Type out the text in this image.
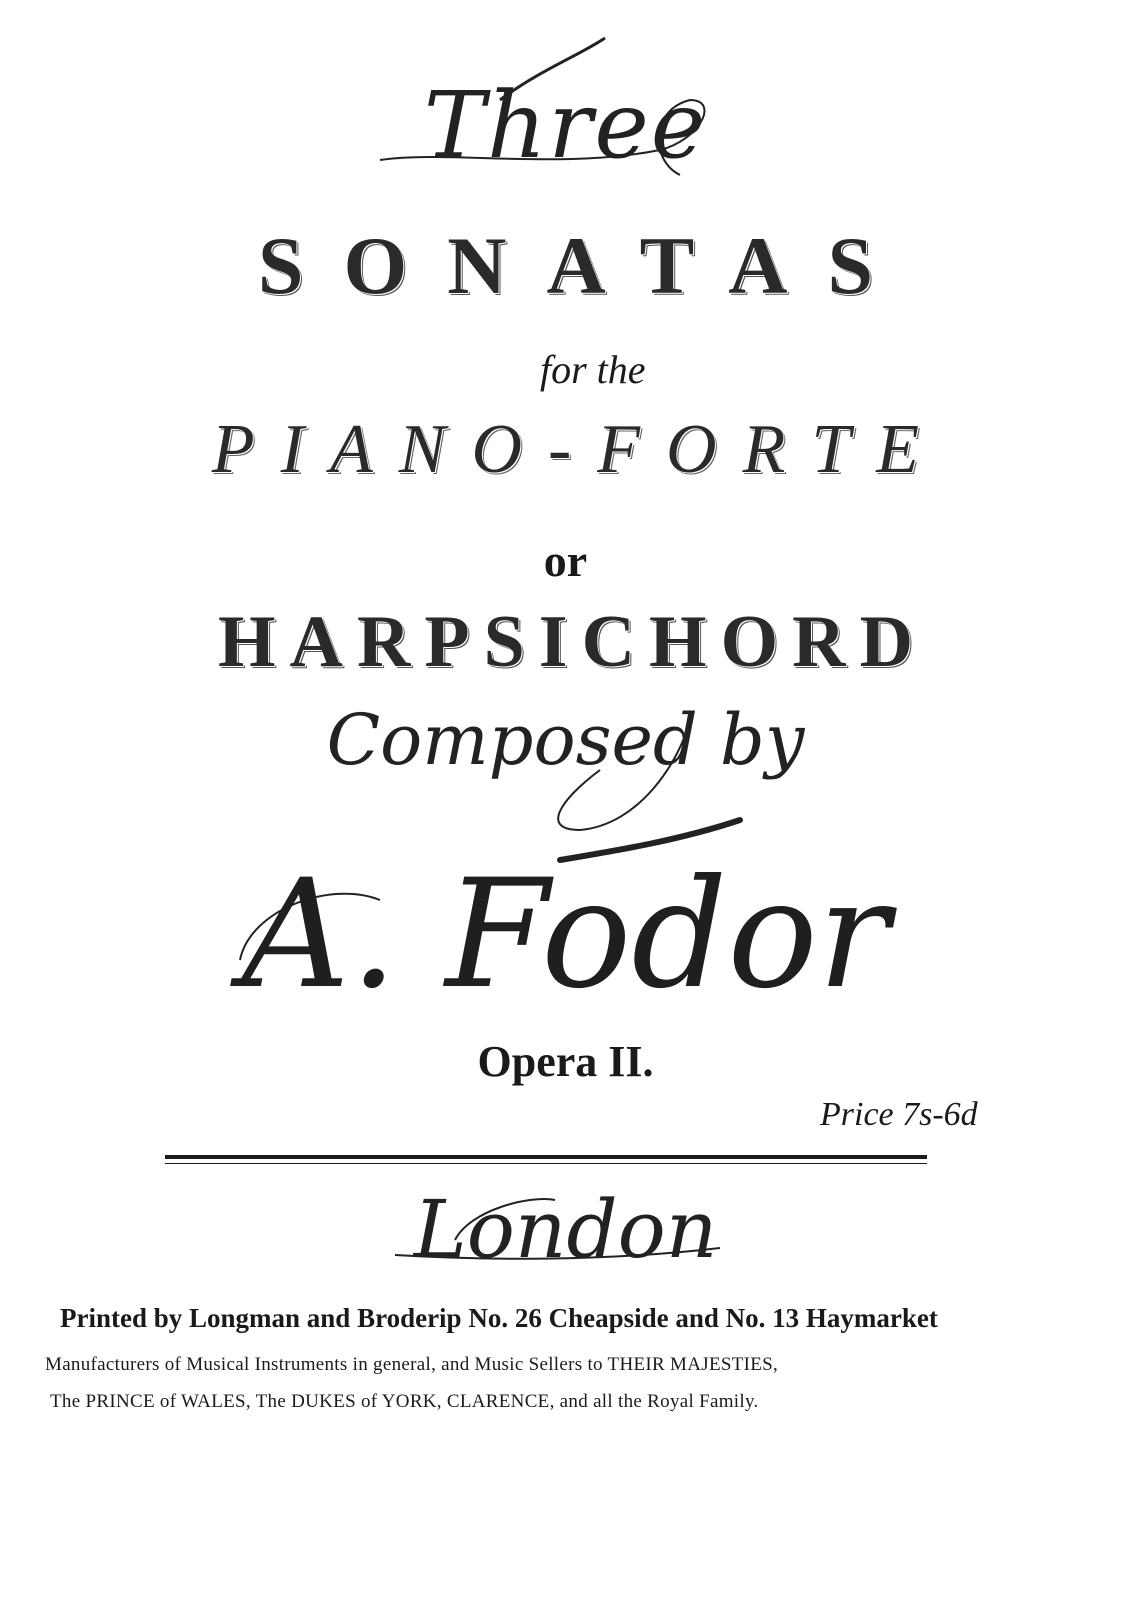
Three
SONATAS
for the
PIANO-FORTE
or
HARPSICHORD
Composed by
A. Fodor
Opera II.
Price 7s-6d
London
Printed by Longman and Broderip No. 26 Cheapside and No. 13 Haymarket
Manufacturers of Musical Instruments in general, and Music Sellers to THEIR MAJESTIES,
The PRINCE of WALES, The DUKES of YORK, CLARENCE, and all the Royal Family.
